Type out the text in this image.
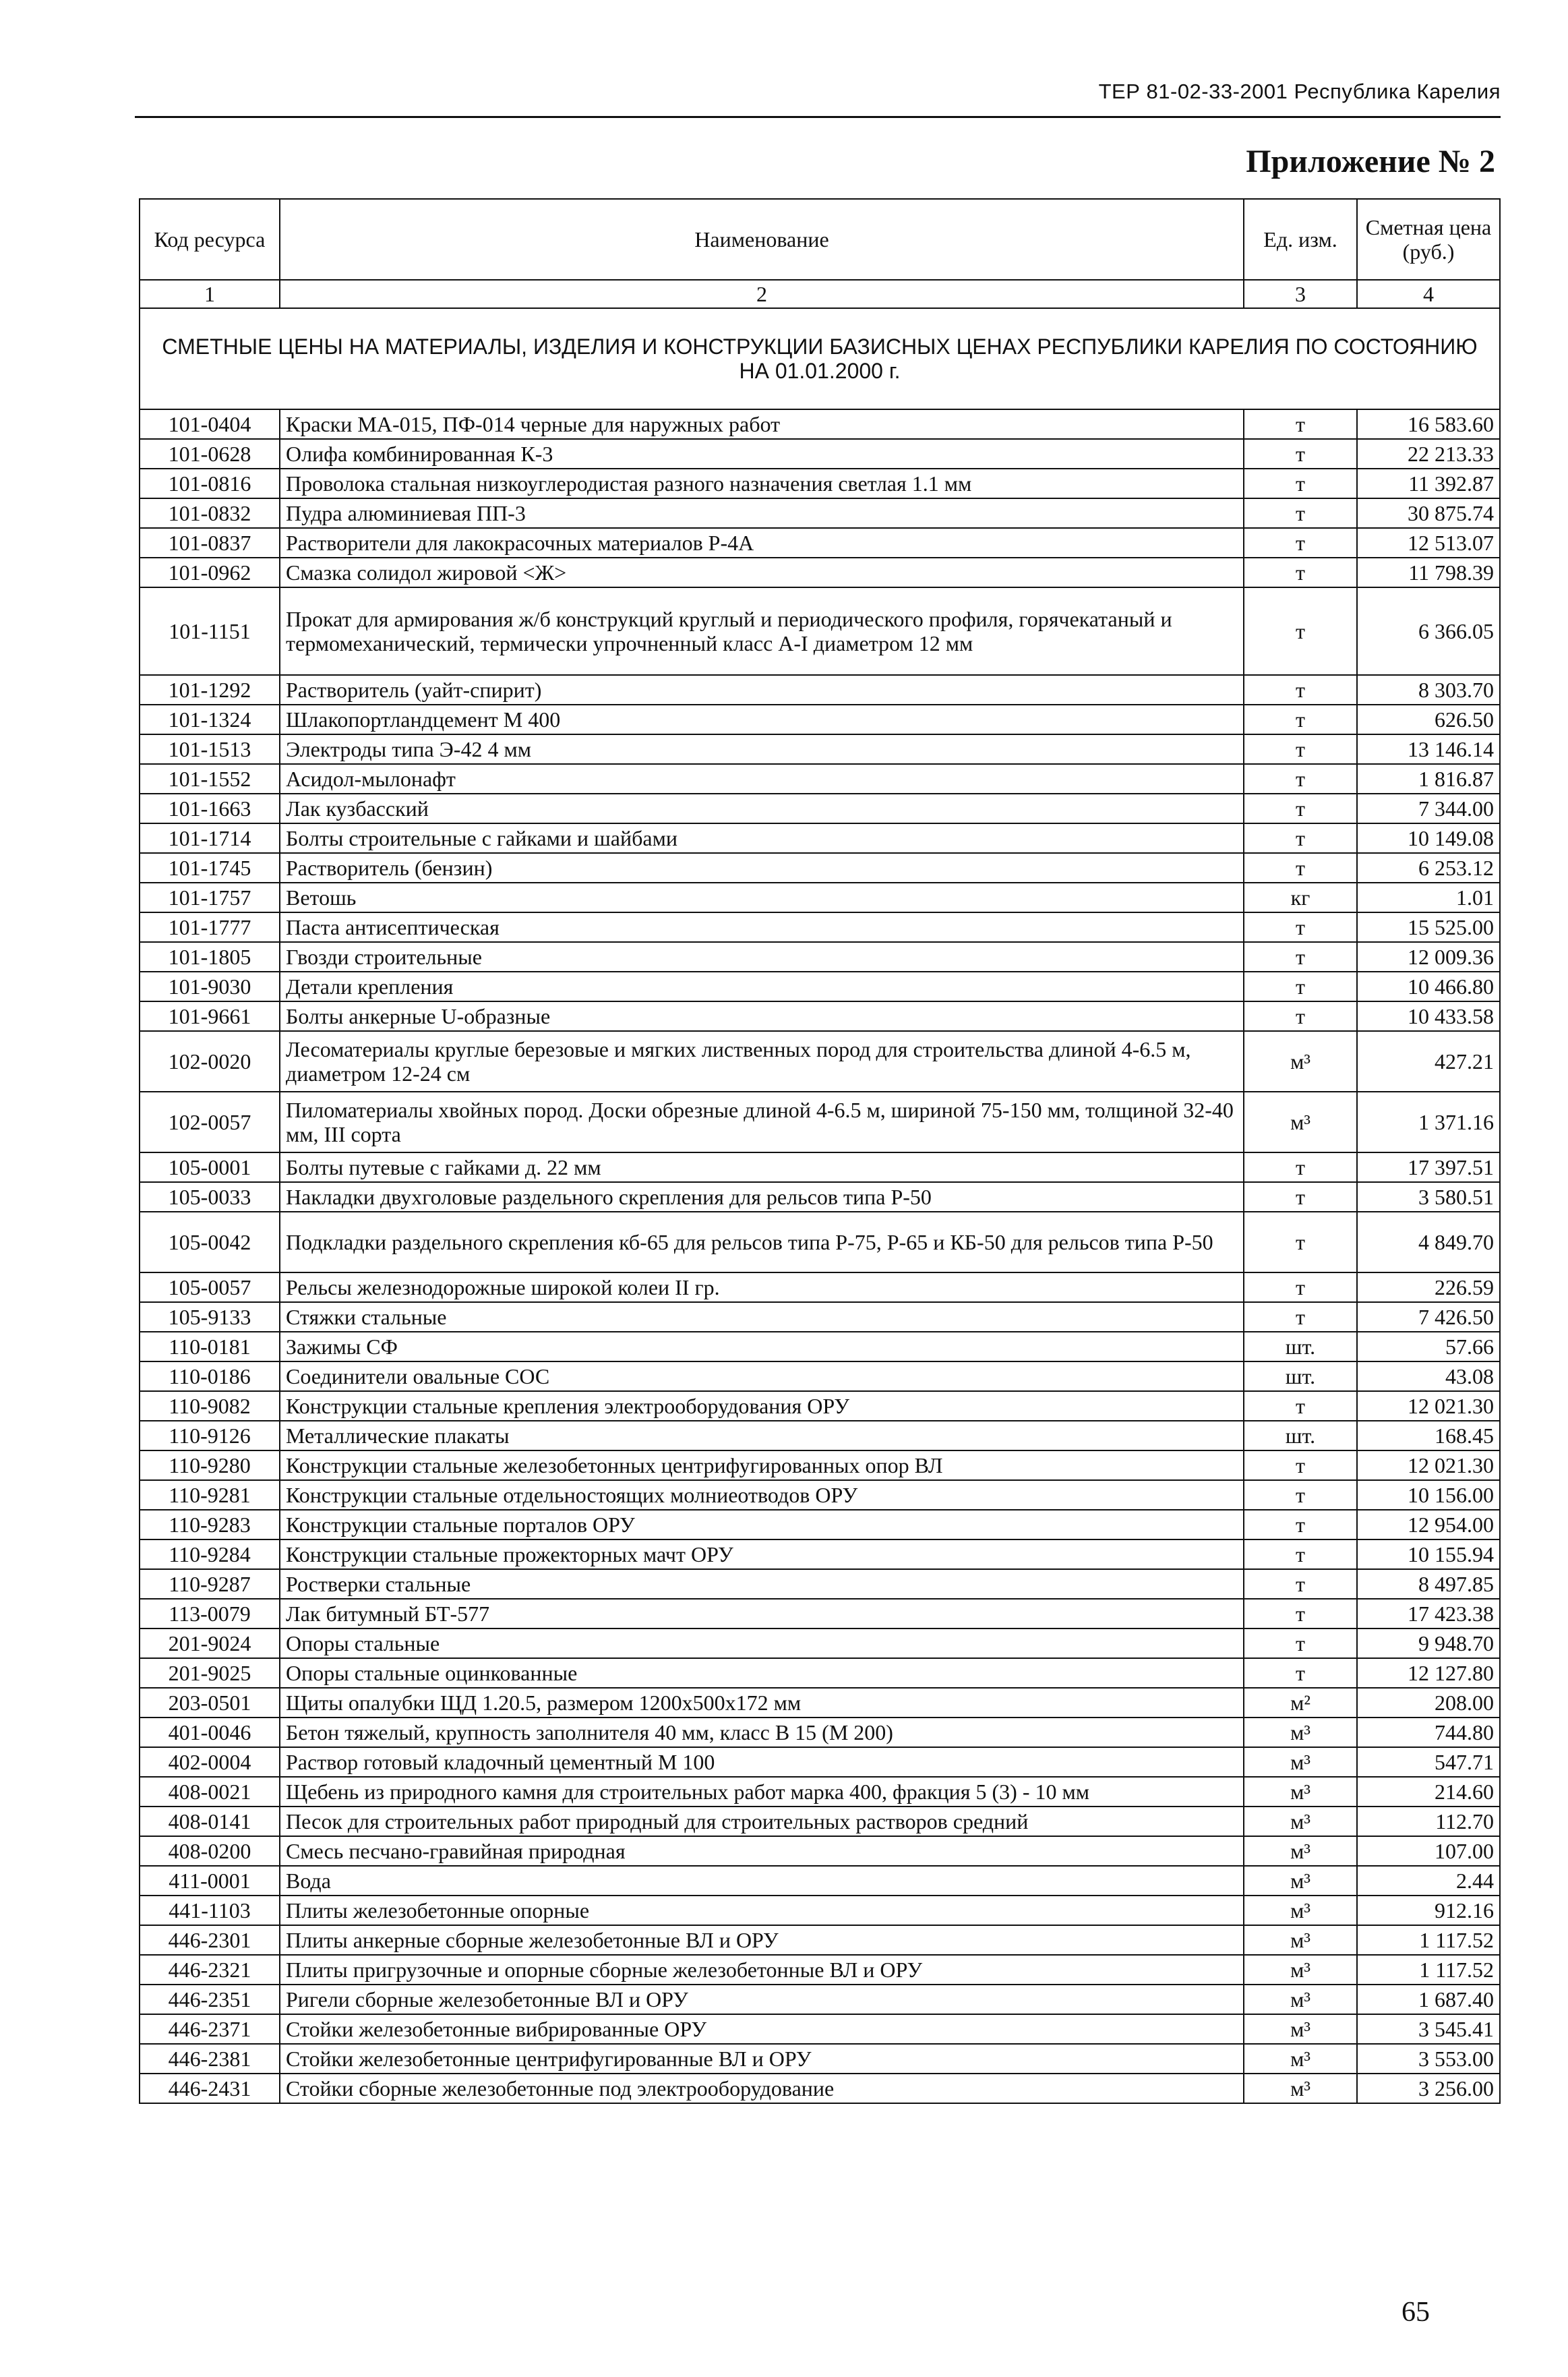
ТЕР 81-02-33-2001 Республика Карелия
Приложение № 2
Код ресурса	Наименование	Ед. изм.	Сметная цена (руб.)
1	2	3	4
СМЕТНЫЕ ЦЕНЫ НА МАТЕРИАЛЫ, ИЗДЕЛИЯ И КОНСТРУКЦИИ БАЗИСНЫХ ЦЕНАХ РЕСПУБЛИКИ КАРЕЛИЯ ПО СОСТОЯНИЮ НА 01.01.2000 г.			
101-0404	Краски МА-015, ПФ-014 черные для наружных работ	т	16 583.60
101-0628	Олифа комбинированная К-3	т	22 213.33
101-0816	Проволока стальная низкоуглеродистая разного назначения светлая 1.1 мм	т	11 392.87
101-0832	Пудра алюминиевая ПП-3	т	30 875.74
101-0837	Растворители для лакокрасочных материалов Р-4А	т	12 513.07
101-0962	Смазка солидол жировой <Ж>	т	11 798.39
101-1151	Прокат для армирования ж/б конструкций круглый и периодического профиля, горячекатаный и термомеханический, термически упрочненный класс А-I диаметром 12 мм	т	6 366.05
101-1292	Растворитель (уайт-спирит)	т	8 303.70
101-1324	Шлакопортландцемент М 400	т	626.50
101-1513	Электроды типа Э-42 4 мм	т	13 146.14
101-1552	Асидол-мылонафт	т	1 816.87
101-1663	Лак кузбасский	т	7 344.00
101-1714	Болты строительные с гайками и шайбами	т	10 149.08
101-1745	Растворитель (бензин)	т	6 253.12
101-1757	Ветошь	кг	1.01
101-1777	Паста антисептическая	т	15 525.00
101-1805	Гвозди строительные	т	12 009.36
101-9030	Детали крепления	т	10 466.80
101-9661	Болты анкерные U-образные	т	10 433.58
102-0020	Лесоматериалы круглые березовые и мягких лиственных пород для строительства длиной 4-6.5 м, диаметром 12-24 см	м³	427.21
102-0057	Пиломатериалы хвойных пород. Доски обрезные длиной 4-6.5 м, шириной 75-150 мм, толщиной 32-40 мм, III сорта	м³	1 371.16
105-0001	Болты путевые с гайками д. 22 мм	т	17 397.51
105-0033	Накладки двухголовые раздельного скрепления для рельсов типа Р-50	т	3 580.51
105-0042	Подкладки раздельного скрепления кб-65 для рельсов типа Р-75, Р-65 и КБ-50 для рельсов типа Р-50	т	4 849.70
105-0057	Рельсы железнодорожные широкой колеи II гр.	т	226.59
105-9133	Стяжки стальные	т	7 426.50
110-0181	Зажимы СФ	шт.	57.66
110-0186	Соединители овальные СОС	шт.	43.08
110-9082	Конструкции стальные крепления электрооборудования ОРУ	т	12 021.30
110-9126	Металлические плакаты	шт.	168.45
110-9280	Конструкции стальные железобетонных центрифугированных опор ВЛ	т	12 021.30
110-9281	Конструкции стальные отдельностоящих молниеотводов ОРУ	т	10 156.00
110-9283	Конструкции стальные порталов ОРУ	т	12 954.00
110-9284	Конструкции стальные прожекторных мачт ОРУ	т	10 155.94
110-9287	Ростверки стальные	т	8 497.85
113-0079	Лак битумный БТ-577	т	17 423.38
201-9024	Опоры стальные	т	9 948.70
201-9025	Опоры стальные оцинкованные	т	12 127.80
203-0501	Щиты опалубки ЩД 1.20.5, размером 1200х500х172 мм	м²	208.00
401-0046	Бетон тяжелый, крупность заполнителя 40 мм, класс В 15 (М 200)	м³	744.80
402-0004	Раствор готовый кладочный цементный М 100	м³	547.71
408-0021	Щебень из природного камня для строительных работ марка 400, фракция 5 (3) - 10 мм	м³	214.60
408-0141	Песок для строительных работ природный для строительных растворов средний	м³	112.70
408-0200	Смесь песчано-гравийная природная	м³	107.00
411-0001	Вода	м³	2.44
441-1103	Плиты железобетонные опорные	м³	912.16
446-2301	Плиты анкерные сборные железобетонные ВЛ и ОРУ	м³	1 117.52
446-2321	Плиты пригрузочные и опорные сборные железобетонные ВЛ и ОРУ	м³	1 117.52
446-2351	Ригели сборные железобетонные ВЛ и ОРУ	м³	1 687.40
446-2371	Стойки железобетонные вибрированные ОРУ	м³	3 545.41
446-2381	Стойки железобетонные центрифугированные ВЛ и ОРУ	м³	3 553.00
446-2431	Стойки сборные железобетонные под электрооборудование	м³	3 256.00
65
